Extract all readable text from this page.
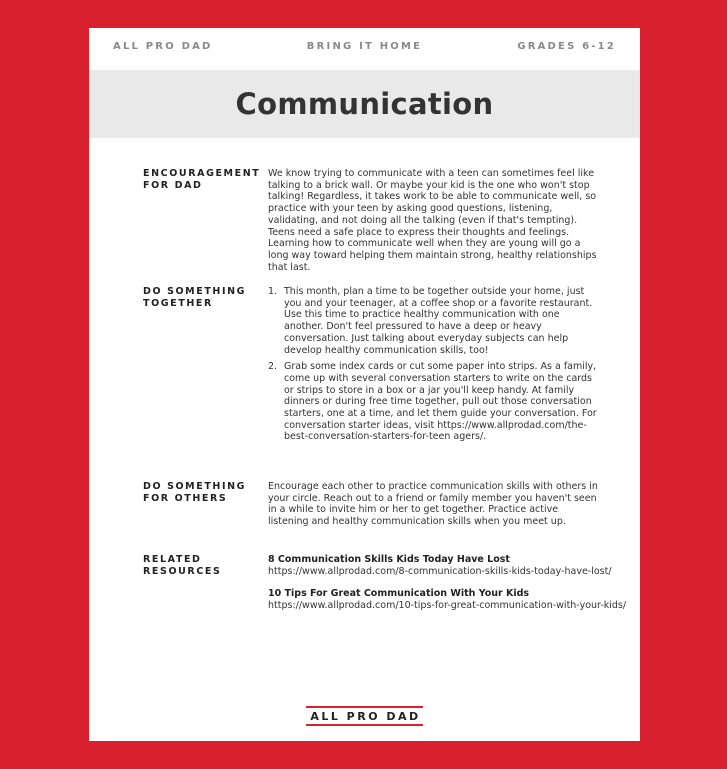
ALL PRO DAD	BRING IT HOME	GRADES 6-12
Communication
ENCOURAGEMENT
FOR DAD

We know trying to communicate with a teen can sometimes feel like talking to a brick wall. Or maybe your kid is the one who won't stop talking! Regardless, it takes work to be able to communicate well, so practice with your teen by asking good questions, listening, validating, and not doing all the talking (even if that's tempting). Teens need a safe place to express their thoughts and feelings. Learning how to communicate well when they are young will go a long way toward helping them maintain strong, healthy relationships that last.

DO SOMETHING
TOGETHER
1. This month, plan a time to be together outside your home, just you and your teenager, at a coffee shop or a favorite restaurant. Use this time to practice healthy communication with one another. Don't feel pressured to have a deep or heavy conversation. Just talking about everyday subjects can help develop healthy communication skills, too!
2. Grab some index cards or cut some paper into strips. As a family, come up with several conversation starters to write on the cards or strips to store in a box or a jar you'll keep handy. At family dinners or during free time together, pull out those conversation starters, one at a time, and let them guide your conversation. For conversation starter ideas, visit https://www.allprodad.com/the-best-conversation-starters-for-teen agers/.
DO SOMETHING
FOR OTHERS

Encourage each other to practice communication skills with others in your circle. Reach out to a friend or family member you haven't seen in a while to invite him or her to get together. Practice active listening and healthy communication skills when you meet up.

RELATED
RESOURCES
8 Communication Skills Kids Today Have Lost
https://www.allprodad.com/8-communication-skills-kids-today-have-lost/
10 Tips For Great Communication With Your Kids
https://www.allprodad.com/10-tips-for-great-communication-with-your-kids/
ALL PRO DAD
